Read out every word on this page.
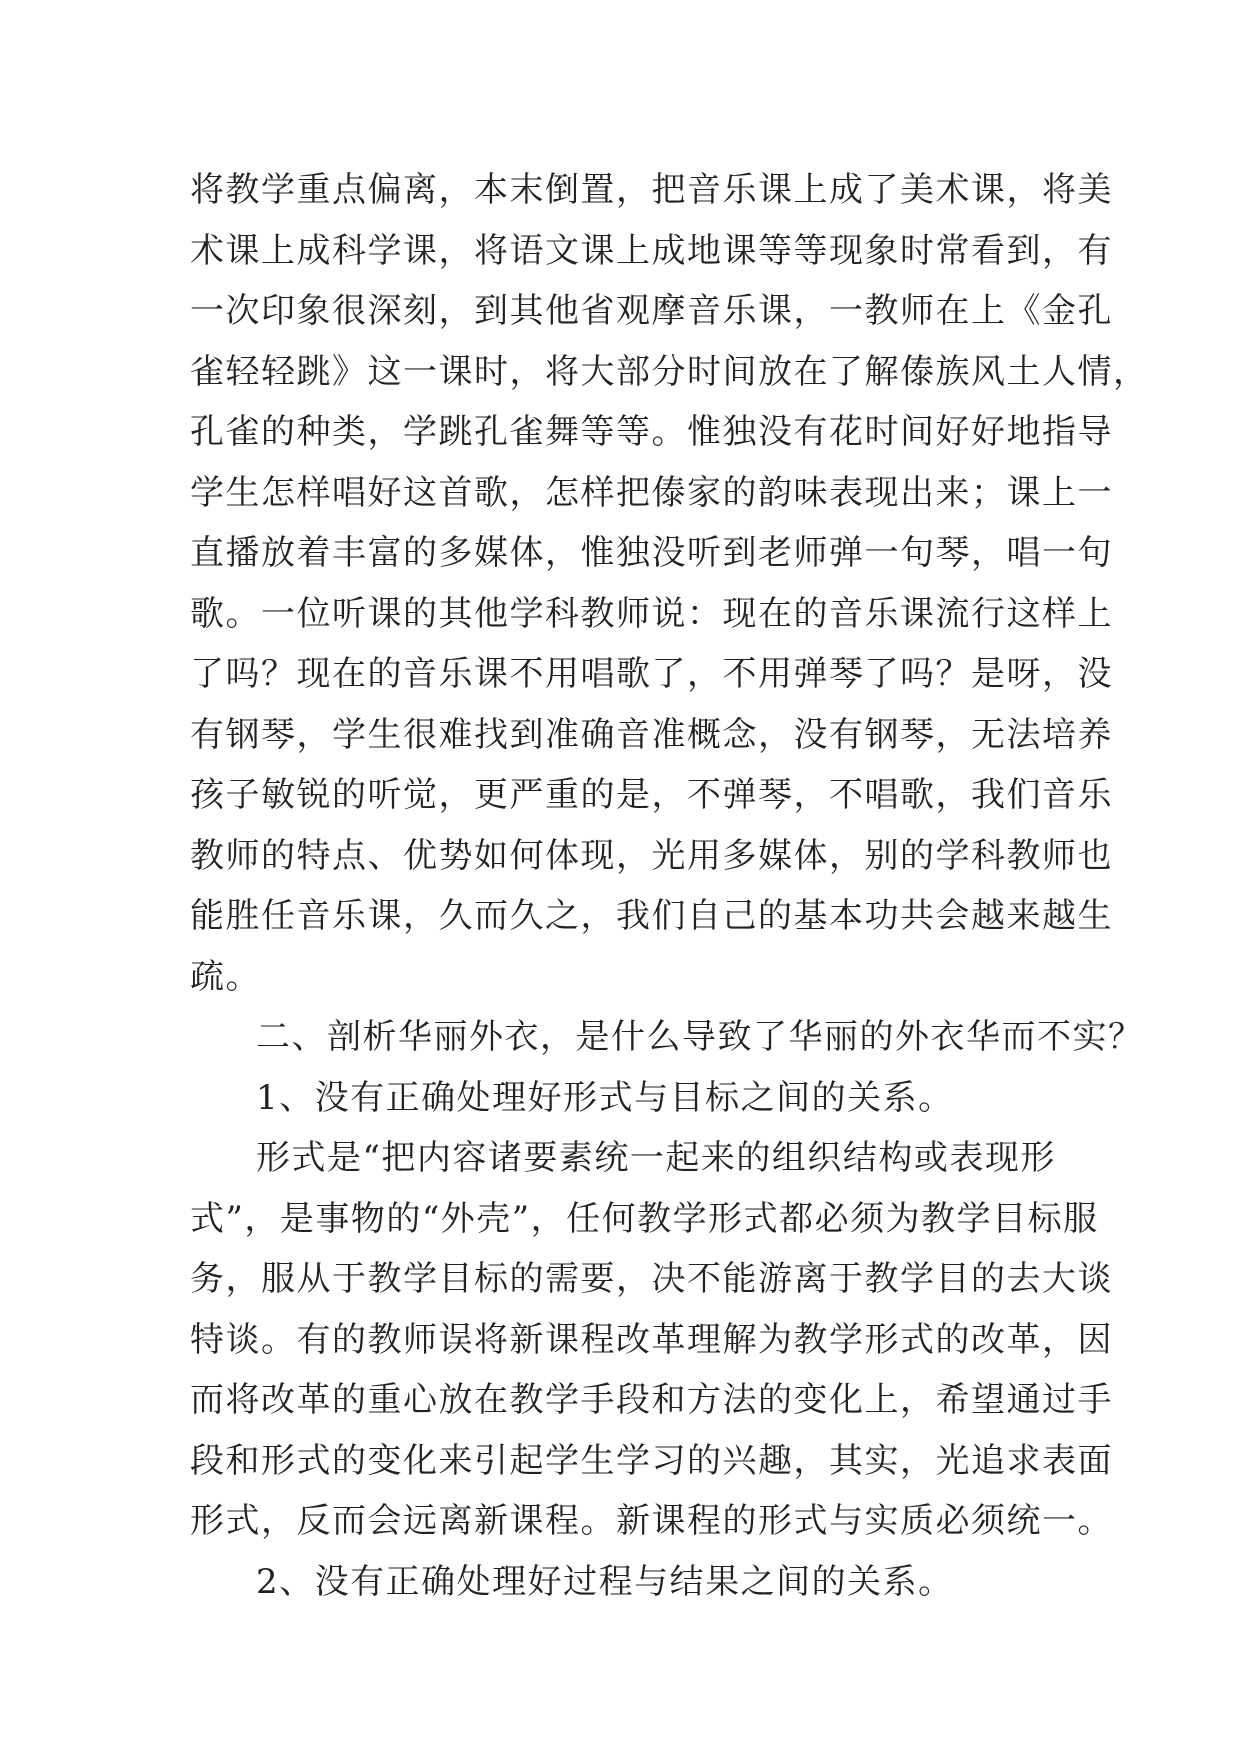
将教学重点偏离，本末倒置，把音乐课上成了美术课，将美
术课上成科学课，将语文课上成地课等等现象时常看到，有
一次印象很深刻，到其他省观摩音乐课，一教师在上《金孔
雀轻轻跳》这一课时，将大部分时间放在了解傣族风土人情，
孔雀的种类，学跳孔雀舞等等。惟独没有花时间好好地指导
学生怎样唱好这首歌，怎样把傣家的韵味表现出来；课上一
直播放着丰富的多媒体，惟独没听到老师弹一句琴，唱一句
歌。一位听课的其他学科教师说：现在的音乐课流行这样上
了吗？现在的音乐课不用唱歌了，不用弹琴了吗？是呀，没
有钢琴，学生很难找到准确音准概念，没有钢琴，无法培养
孩子敏锐的听觉，更严重的是，不弹琴，不唱歌，我们音乐
教师的特点、优势如何体现，光用多媒体，别的学科教师也
能胜任音乐课，久而久之，我们自己的基本功共会越来越生
疏。
二、剖析华丽外衣，是什么导致了华丽的外衣华而不实？
1、没有正确处理好形式与目标之间的关系。
形式是“把内容诸要素统一起来的组织结构或表现形
式”，是事物的“外壳”，任何教学形式都必须为教学目标服
务，服从于教学目标的需要，决不能游离于教学目的去大谈
特谈。有的教师误将新课程改革理解为教学形式的改革，因
而将改革的重心放在教学手段和方法的变化上，希望通过手
段和形式的变化来引起学生学习的兴趣，其实，光追求表面
形式，反而会远离新课程。新课程的形式与实质必须统一。
2、没有正确处理好过程与结果之间的关系。
